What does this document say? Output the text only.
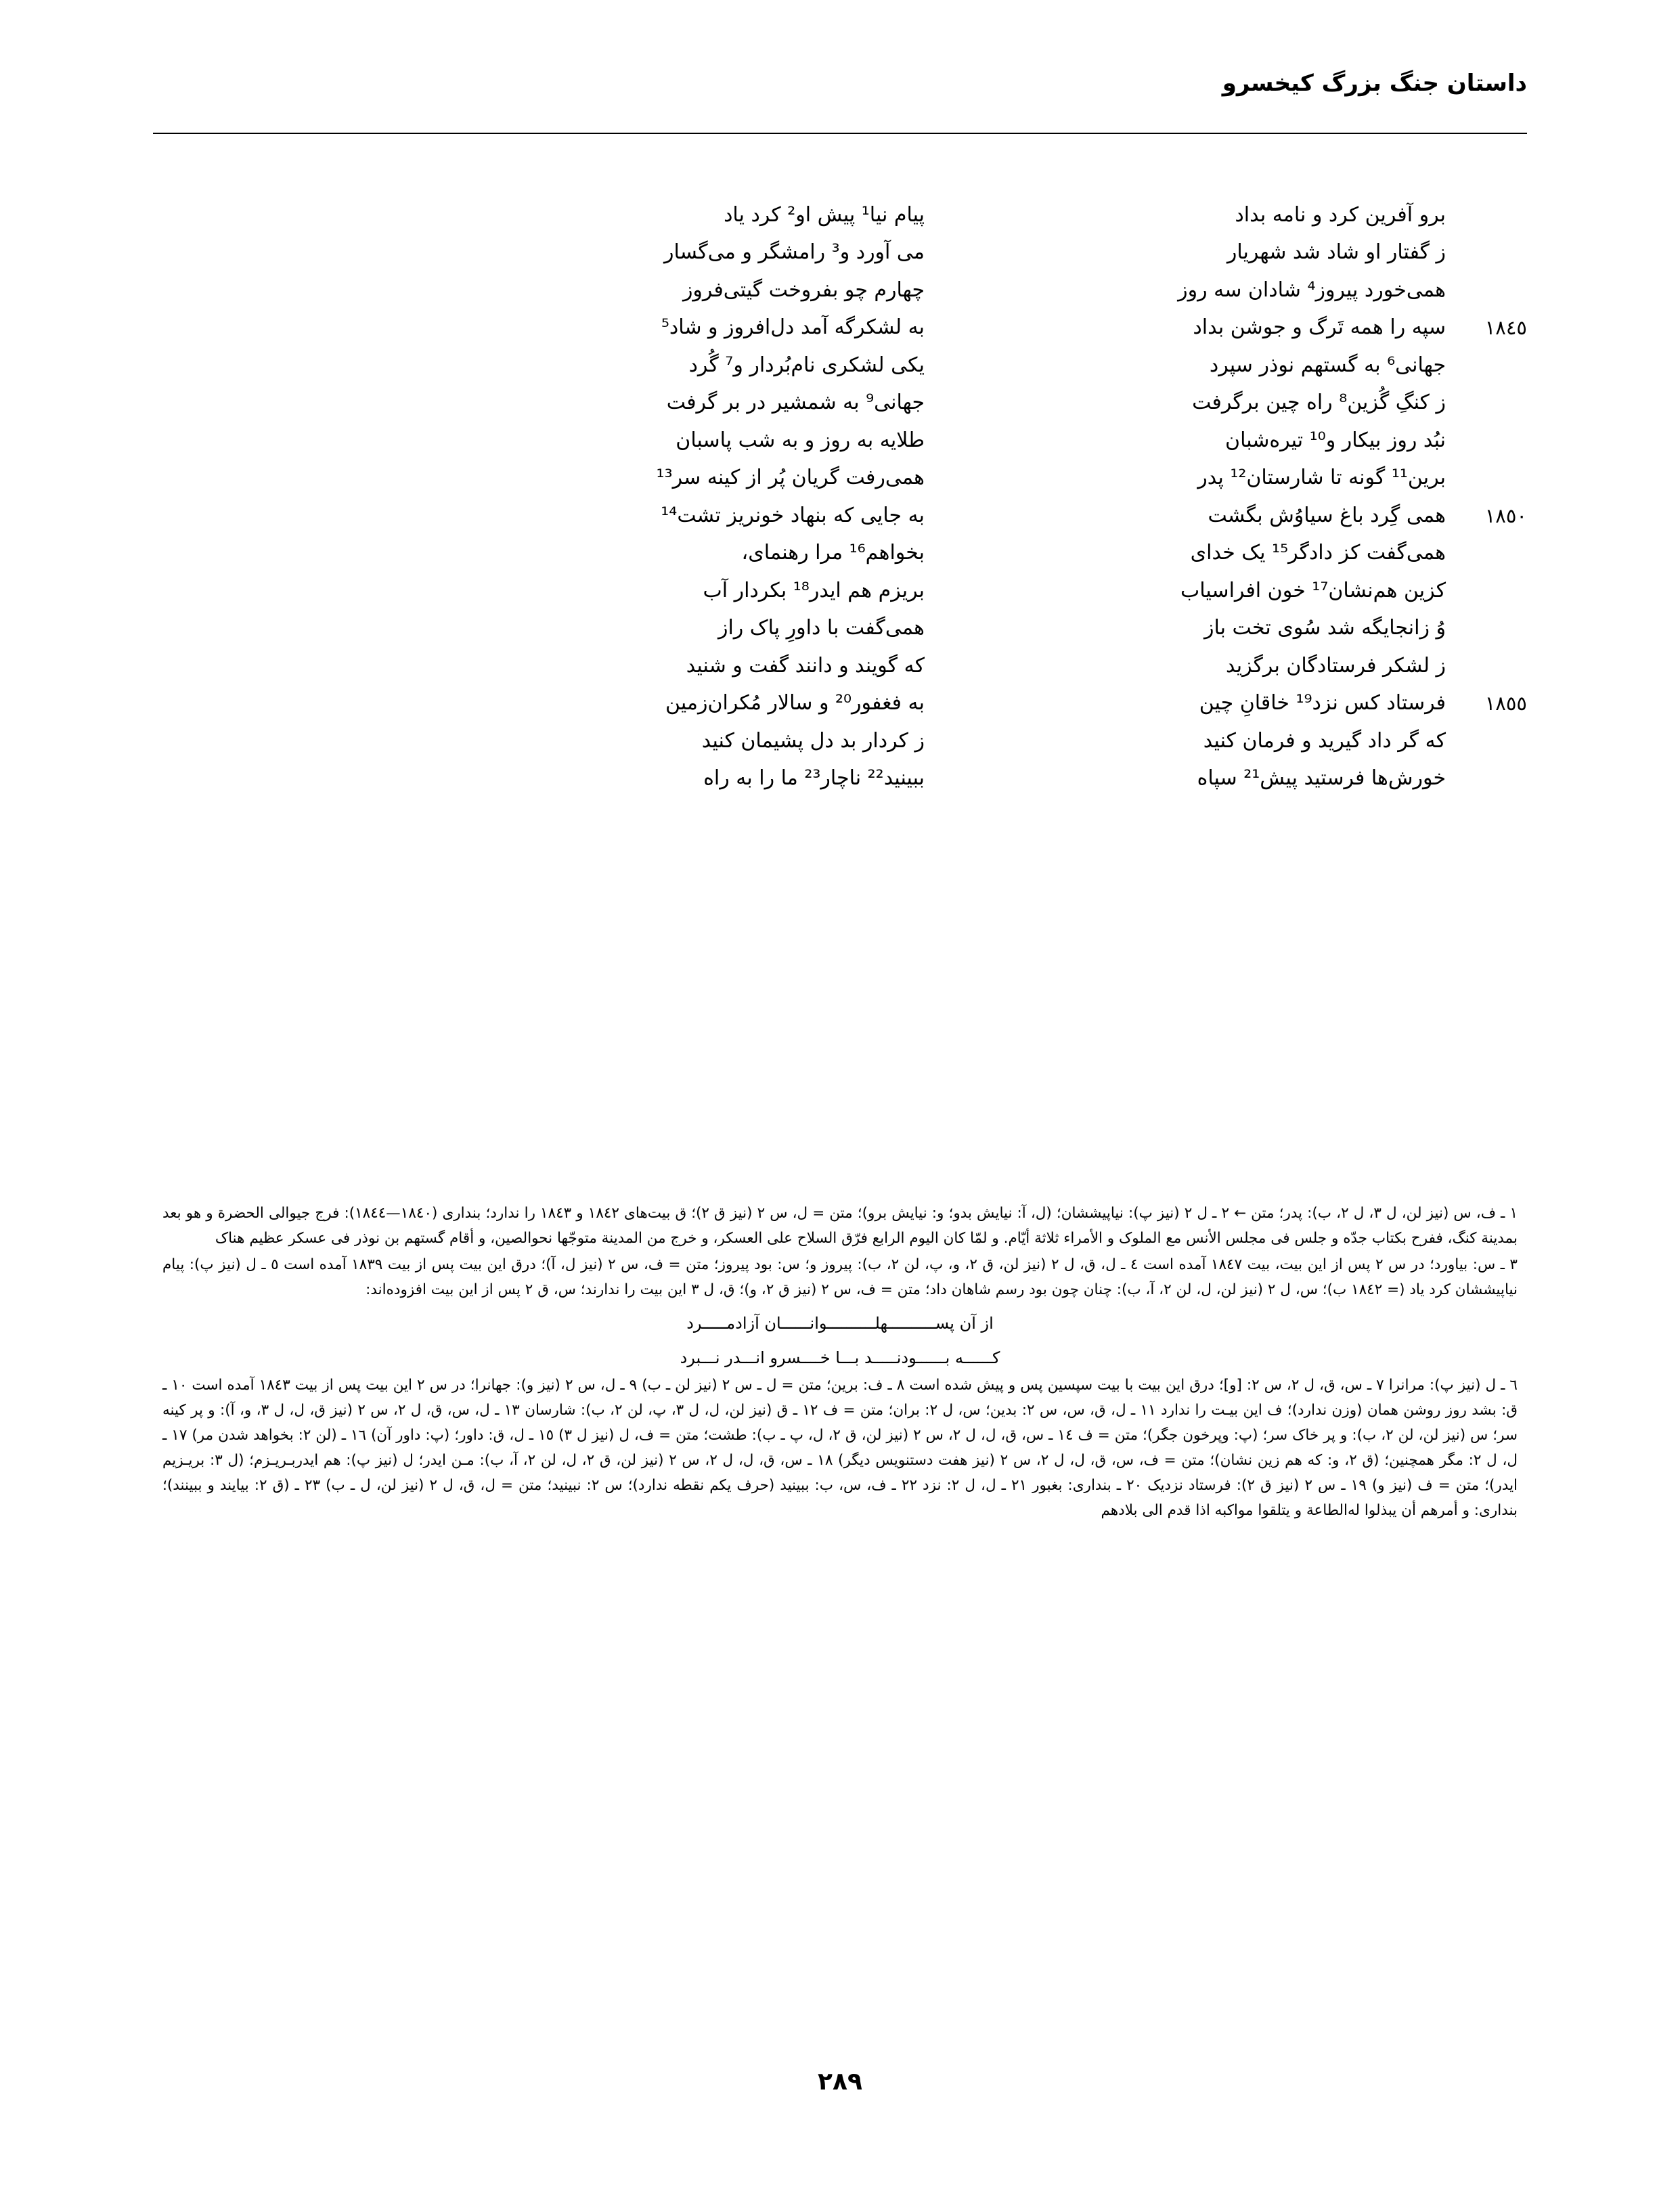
داستان جنگ بزرگ کیخسرو
١٨٤٥
١٨٥٠
١٨٥٥
برو آفرین کرد و نامه بداد
ز گفتار او شاد شد شهریار
همی‌خورد پیروز⁴ شادان سه روز
سپه را همه تَرگ و جوشن بداد
جهانی⁶ به گستهم نوذر سپرد
ز کنگِ گُزین⁸ راه چین برگرفت
نبُد روز بیکار و¹⁰ تیره‌شبان
برین¹¹ گونه تا شارستان¹² پدر
همی گِرد باغ سیاوُش بگشت
همی‌گفت کز دادگر¹⁵ یک خدای
کزین هم‌نشان¹⁷ خون افراسیاب
وُ زانجایگه شد سُوی تخت باز
ز لشکر فرستادگان برگزید
فرستاد کس نزد¹⁹ خاقانِ چین
که گر داد گیرید و فرمان کنید
خورش‌ها فرستید پیش²¹ سپاه
پیام نیا¹ پیش او² کرد یاد
می آورد و³ رامشگر و می‌گسار
چهارم چو بفروخت گیتی‌فروز
به لشکرگه آمد دل‌افروز و شاد⁵
یکی لشکری نام‌بُردار و⁷ گُرد
جهانی⁹ به شمشیر در بر گرفت
طلایه به روز و به شب پاسبان
همی‌رفت گریان پُر از کینه سر¹³
به جایی که بنهاد خونریز تشت¹⁴
بخواهم¹⁶ مرا رهنمای،
بریزم هم ایدر¹⁸ بکردار آب
همی‌گفت با داورِ پاک راز
که گویند و دانند گفت و شنید
به فغفور²⁰ و سالار مُکران‌زمین
ز کردار بد دل پشیمان کنید
ببینید²² ناچار²³ ما را به راه

١ ـ ف، س (نیز لن، ل ٣، ل ٢، ب): پدر؛ متن ← ٢ ـ ل ٢ (نیز پ): نیاپیششان؛ (ل، آ: نیایش بدو؛ و: نیایش برو)؛ متن = ل، س ٢ (نیز ق ٢)؛ ق بیت‌های ١٨٤٢ و ١٨٤٣ را ندارد؛ بنداری (١٨٤٠—١٨٤٤): فرج جیوالی الحضرة و هو بعد بمدینة کنگ، ففرح بکتاب جدّه و جلس فی مجلس الأنس مع الملوک و الأمراء ثلاثة أیّام. و لمّا کان الیوم الرابع فرّق السلاح علی العسکر، و خرج من المدینة متوجّها نحوالصین، و أقام گستهم بن نوذر فی عسکر عظیم هناک

٣ ـ س: بیاورد؛ در س ٢ پس از این بیت، بیت ١٨٤٧ آمده است ٤ ـ ل، ق، ل ٢ (نیز لن، ق ٢، و، پ، لن ٢، ب): پیروز و؛ س: بود پیروز؛ متن = ف، س ٢ (نیز ل، آ)؛ درق این بیت پس از بیت ١٨٣٩ آمده است ٥ ـ ل (نیز پ): پیام نیاپیششان کرد یاد (= ١٨٤٢ ب)؛ س، ل ٢ (نیز لن، ل، لن ٢، آ، ب): چنان چون بود رسم شاهان داد؛ متن = ف، س ٢ (نیز ق ٢، و)؛ ق، ل ٣ این بیت را ندارند؛ س، ق ٢ پس از این بیت افزوده‌اند:

از آن پســــــــــهلــــــــــوانــــــان آزادمـــــرد
کــــــه بــــــودنـــــد بـــا خــــسرو انـــدر نـــبرد

٦ ـ ل (نیز پ): مرانرا ٧ ـ س، ق، ل ٢، س ٢: [و]؛ درق این بیت با بیت سپسین پس و پیش شده است ٨ ـ ف: برین؛ متن = ل ـ س ٢ (نیز لن ـ ب) ٩ ـ ل، س ٢ (نیز و): جهانرا؛ در س ٢ این بیت پس از بیت ١٨٤٣ آمده است ١٠ ـ ق: بشد روز روشن همان (وزن ندارد)؛ ف این بیـت را ندارد ١١ ـ ل، ق، س، س ٢: بدین؛ س، ل ٢: بران؛ متن = ف ١٢ ـ ق (نیز لن، ل، ل ٣، پ، لن ٢، ب): شارسان ١٣ ـ ل، س، ق، ل ٢، س ٢ (نیز ق، ل، ل ٣، و، آ): و پر کینه سر؛ س (نیز لن، لن ٢، ب): و پر خاک سر؛ (پ: وپرخون جگر)؛ متن = ف ١٤ ـ س، ق، ل، ل ٢، س ٢ (نیز لن، ق ٢، ل، پ ـ ب): طشت؛ متن = ف، ل (نیز ل ٣) ١٥ ـ ل، ق: داور؛ (پ: داور آن) ١٦ ـ (لن ٢: بخواهد شدن مر) ١٧ ـ ل، ل ٢: مگر همچنین؛ (ق ٢، و: که هم زین نشان)؛ متن = ف، س، ق، ل، ل ٢، س ٢ (نیز هفت دستنویس دیگر) ١٨ ـ س، ق، ل، ل ٢، س ٢ (نیز لن، ق ٢، ل، لن ٢، آ، ب): مـن ایدر؛ ل (نیز پ): هم ایدربـریـزم؛ (ل ٣: بریـزیم ایدر)؛ متن = ف (نیز و) ١٩ ـ س ٢ (نیز ق ٢): فرستاد نزدیک ٢٠ ـ بنداری: بغبور ٢١ ـ ل، ل ٢: نزد ٢٢ ـ ف، س، ب: ببینید (حرف یکم نقطه ندارد)؛ س ٢: نبینید؛ متن = ل، ق، ل ٢ (نیز لن، ل ـ ب) ٢٣ ـ (ق ٢: بیایند و ببینند)؛ بنداری: و أمرهم أن یبذلوا له‌الطاعة و یتلقوا مواکبه اذا قدم الی بلادهم

٢٨٩
